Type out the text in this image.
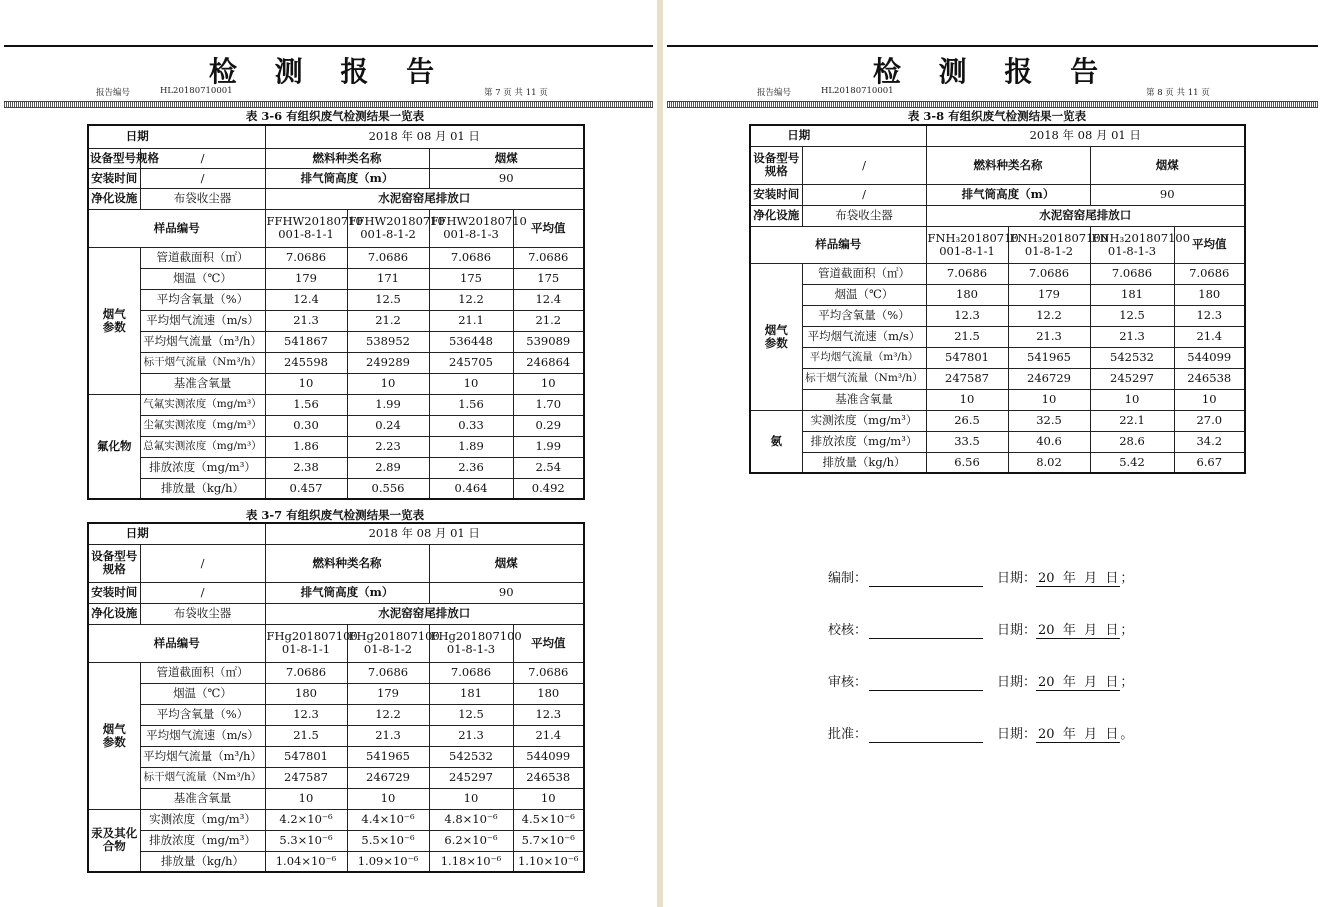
检 测 报 告
报告编号	HL20180710001	第 7 页 共 11 页
表 3-6 有组织废气检测结果一览表
日期		2018 年 08 月 01 日			
设备型号规格	/	燃料种类名称		烟煤	
安装时间	/	排气筒高度（m）		90	
净化设施	布袋收尘器	水泥窑窑尾排放口			
样品编号		FFHW20180710 001-8-1-1	FFHW20180710 001-8-1-2	FFHW20180710 001-8-1-3	平均值
烟气 参数	管道截面积（㎡）	7.0686	7.0686	7.0686	7.0686
	烟温（℃）	179	171	175	175
	平均含氧量（%）	12.4	12.5	12.2	12.4
	平均烟气流速（m/s）	21.3	21.2	21.1	21.2
	平均烟气流量（m³/h）	541867	538952	536448	539089
	标干烟气流量（Nm³/h）	245598	249289	245705	246864
	基准含氧量	10	10	10	10
氟化物	气氟实测浓度（mg/m³）	1.56	1.99	1.56	1.70
	尘氟实测浓度（mg/m³）	0.30	0.24	0.33	0.29
	总氟实测浓度（mg/m³）	1.86	2.23	1.89	1.99
	排放浓度（mg/m³）	2.38	2.89	2.36	2.54
	排放量（kg/h）	0.457	0.556	0.464	0.492
表 3-7 有组织废气检测结果一览表
日期		2018 年 08 月 01 日			
设备型号规格	/	燃料种类名称		烟煤	
安装时间	/	排气筒高度（m）		90	
净化设施	布袋收尘器	水泥窑窑尾排放口			
样品编号		FHg201807100 01-8-1-1	FHg201807100 01-8-1-2	FHg201807100 01-8-1-3	平均值
烟气 参数	管道截面积（㎡）	7.0686	7.0686	7.0686	7.0686
	烟温（℃）	180	179	181	180
	平均含氧量（%）	12.3	12.2	12.5	12.3
	平均烟气流速（m/s）	21.5	21.3	21.3	21.4
	平均烟气流量（m³/h）	547801	541965	542532	544099
	标干烟气流量（Nm³/h）	247587	246729	245297	246538
	基准含氧量	10	10	10	10
汞及其化 合物	实测浓度（mg/m³）	4.2×10⁻⁶	4.4×10⁻⁶	4.8×10⁻⁶	4.5×10⁻⁶
	排放浓度（mg/m³）	5.3×10⁻⁶	5.5×10⁻⁶	6.2×10⁻⁶	5.7×10⁻⁶
	排放量（kg/h）	1.04×10⁻⁶	1.09×10⁻⁶	1.18×10⁻⁶	1.10×10⁻⁶
检 测 报 告
报告编号	HL20180710001	第 8 页 共 11 页
表 3-8 有组织废气检测结果一览表
日期		2018 年 08 月 01 日			
设备型号规格	/	燃料种类名称		烟煤	
安装时间	/	排气筒高度（m）		90	
净化设施	布袋收尘器	水泥窑窑尾排放口			
样品编号		FNH₃20180710 001-8-1-1	FNH₃201807100 01-8-1-2	FNH₃201807100 01-8-1-3	平均值
烟气 参数	管道截面积（㎡）	7.0686	7.0686	7.0686	7.0686
	烟温（℃）	180	179	181	180
	平均含氧量（%）	12.3	12.2	12.5	12.3
	平均烟气流速（m/s）	21.5	21.3	21.3	21.4
	平均烟气流量（m³/h）	547801	541965	542532	544099
	标干烟气流量（Nm³/h）	247587	246729	245297	246538
	基准含氧量	10	10	10	10
氨	实测浓度（mg/m³）	26.5	32.5	22.1	27.0
	排放浓度（mg/m³）	33.5	40.6	28.6	34.2
	排放量（kg/h）	6.56	8.02	5.42	6.67
编制：	日期： 20  年  月  日 ；
校核：	日期： 20  年  月  日 ；
审核：	日期： 20  年  月  日 ；
批准：	日期： 20  年  月  日 。
